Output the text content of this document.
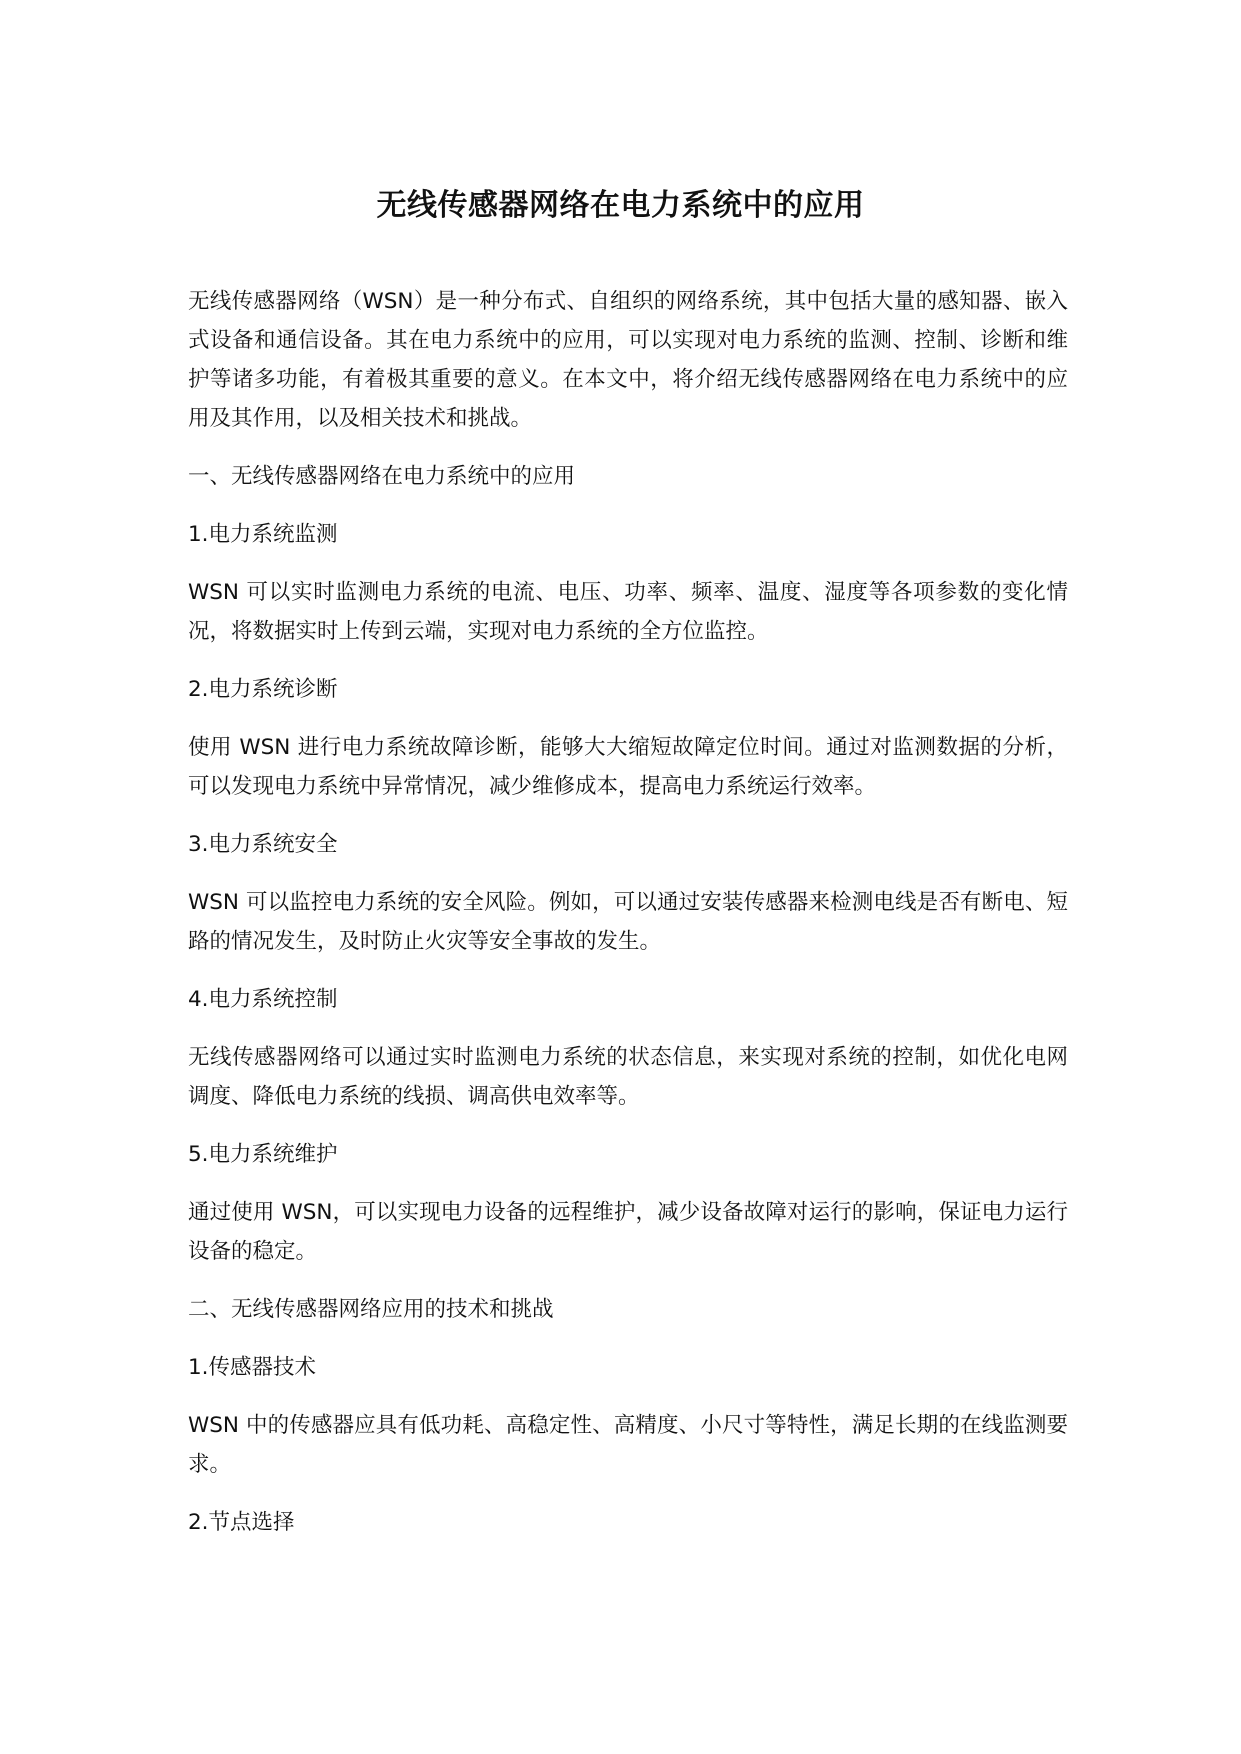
无线传感器网络在电力系统中的应用

无线传感器网络（WSN）是一种分布式、自组织的网络系统，其中包括大量的感知器、嵌入式设备和通信设备。其在电力系统中的应用，可以实现对电力系统的监测、控制、诊断和维护等诸多功能，有着极其重要的意义。在本文中，将介绍无线传感器网络在电力系统中的应用及其作用，以及相关技术和挑战。

一、无线传感器网络在电力系统中的应用

1.电力系统监测

WSN 可以实时监测电力系统的电流、电压、功率、频率、温度、湿度等各项参数的变化情况，将数据实时上传到云端，实现对电力系统的全方位监控。

2.电力系统诊断

使用 WSN 进行电力系统故障诊断，能够大大缩短故障定位时间。通过对监测数据的分析，可以发现电力系统中异常情况，减少维修成本，提高电力系统运行效率。

3.电力系统安全

WSN 可以监控电力系统的安全风险。例如，可以通过安装传感器来检测电线是否有断电、短路的情况发生，及时防止火灾等安全事故的发生。

4.电力系统控制

无线传感器网络可以通过实时监测电力系统的状态信息，来实现对系统的控制，如优化电网调度、降低电力系统的线损、调高供电效率等。

5.电力系统维护

通过使用 WSN，可以实现电力设备的远程维护，减少设备故障对运行的影响，保证电力运行设备的稳定。

二、无线传感器网络应用的技术和挑战

1.传感器技术

WSN 中的传感器应具有低功耗、高稳定性、高精度、小尺寸等特性，满足长期的在线监测要求。

2.节点选择
